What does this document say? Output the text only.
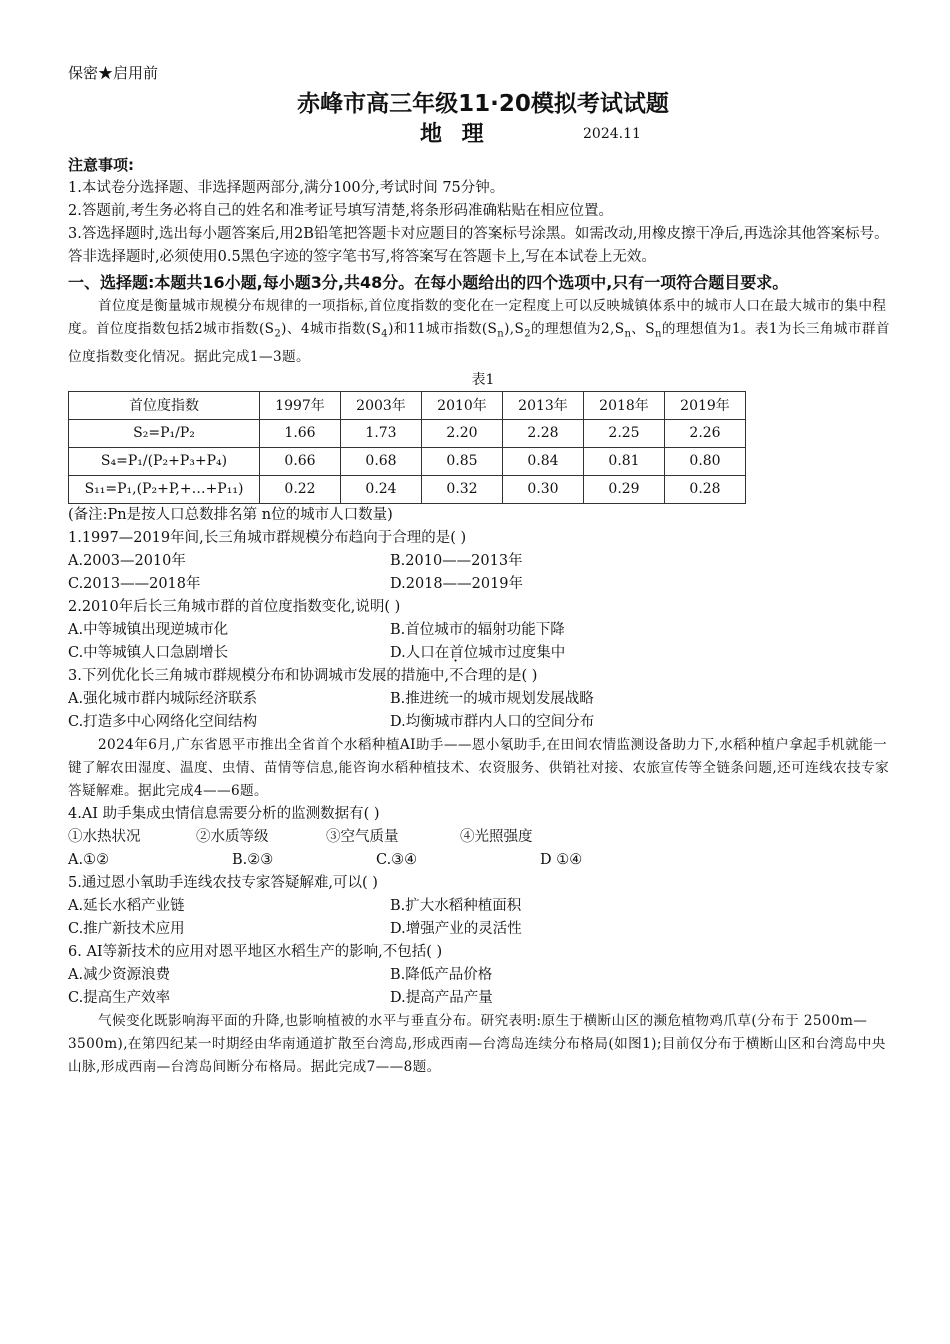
保密★启用前
赤峰市高三年级11·20模拟考试试题
地 理	2024.11
注意事项:
1.本试卷分选择题、非选择题两部分,满分100分,考试时间 75分钟。
2.答题前,考生务必将自己的姓名和准考证号填写清楚,将条形码准确粘贴在相应位置。
3.答选择题时,选出每小题答案后,用2B铅笔把答题卡对应题目的答案标号涂黑。如需改动,用橡皮擦干净后,再选涂其他答案标号。答非选择题时,必须使用0.5黑色字迹的签字笔书写,将答案写在答题卡上,写在本试卷上无效。
一、选择题:本题共16小题,每小题3分,共48分。在每小题给出的四个选项中,只有一项符合题目要求。
首位度是衡量城市规模分布规律的一项指标,首位度指数的变化在一定程度上可以反映城镇体系中的城市人口在最大城市的集中程度。首位度指数包括2城市指数$(S_2)$、4城市指数$(S_4)$和11城市指数$(S_n),S_2$的理想值为$2,S_n$、$S_n$的理想值为1。表1为长三角城市群首位度指数变化情况。据此完成1—3题。
表1
首位度指数	1997年	2003年	2010年	2013年	2018年	2019年
S₂=P₁/P₂	1.66	1.73	2.20	2.28	2.25	2.26
S₄=P₁/(P₂+P₃+P₄)	0.66	0.68	0.85	0.84	0.81	0.80
S₁₁=P₁,(P₂+P,+…+P₁₁)	0.22	0.24	0.32	0.30	0.29	0.28
(备注:Pn是按人口总数排名第 n位的城市人口数量)
1.1997—2019年间,长三角城市群规模分布趋向于合理的是( )
A.2003—2010年	B.2010——2013年
C.2013——2018年	D.2018——2019年
2.2010年后长三角城市群的首位度指数变化,说明( )
A.中等城镇出现逆城市化	B.首位城市的辐射功能下降
C.中等城镇人口急剧增长	D.人口在首位城市过度集中
3.下列优化长三角城市群规模分布和协调城市发展的措施中,不合理的是( )
A.强化城市群内城际经济联系	B.推进统一的城市规划发展战略
C.打造多中心网络化空间结构	D.均衡城市群内人口的空间分布
2024年6月,广东省恩平市推出全省首个水稻种植AI助手——恩小氡助手,在田间农情监测设备助力下,水稻种植户拿起手机就能一键了解农田湿度、温度、虫情、苗情等信息,能咨询水稻种植技术、农资服务、供销社对接、农旅宣传等全链条问题,还可连线农技专家答疑解难。据此完成4——6题。
4.AI 助手集成虫情信息需要分析的监测数据有( )
①水热状况	②水质等级	③空气质量	④光照强度
A.①②	B.②③	C.③④	D ①④
5.通过恩小氧助手连线农技专家答疑解难,可以( )
A.延长水稻产业链	B.扩大水稻种植面积
C.推广新技术应用	D.增强产业的灵活性
6. AI等新技术的应用对恩平地区水稻生产的影响,不包括( )
A.减少资源浪费	B.降低产品价格
C.提高生产效率	D.提高产品产量
气候变化既影响海平面的升降,也影响植被的水平与垂直分布。研究表明:原生于横断山区的濒危植物鸡爪草(分布于 2500m—3500m),在第四纪某一时期经由华南通道扩散至台湾岛,形成西南—台湾岛连续分布格局(如图1);目前仅分布于横断山区和台湾岛中央山脉,形成西南—台湾岛间断分布格局。据此完成7——8题。
